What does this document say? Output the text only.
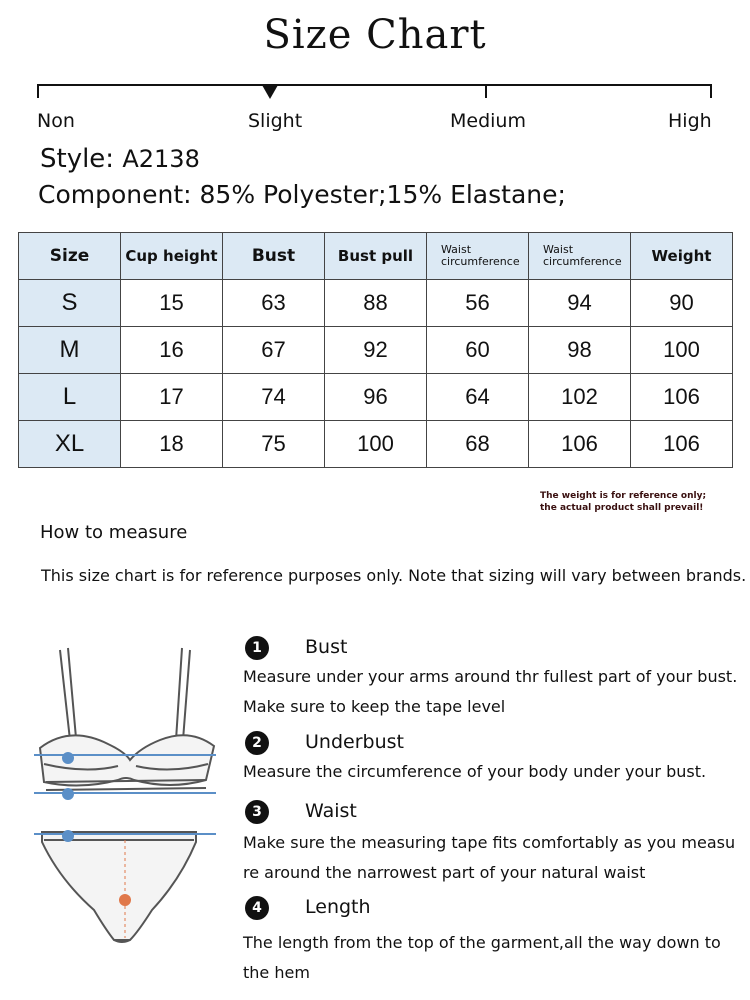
Size Chart
Non	Slight	Medium	High
Style: A2138
Component: 85% Polyester;15% Elastane;
Size	Cup height	Bust	Bust pull	Waist circumference	Waist circumference	Weight
S	15	63	88	56	94	90
M	16	67	92	60	98	100
L	17	74	96	64	102	106
XL	18	75	100	68	106	106
The weight is for reference only;
the actual product shall prevail!
How to measure
This size chart is for reference purposes only. Note that sizing will vary between brands.
1	Bust
Measure under your arms around thr fullest part of your bust.
Make sure to keep the tape level
2	Underbust
Measure the circumference of your body under your bust.
3	Waist
Make sure the measuring tape fits comfortably as you measu
re around the narrowest part of your natural waist
4	Length
The length from the top of the garment,all the way down to
the hem
